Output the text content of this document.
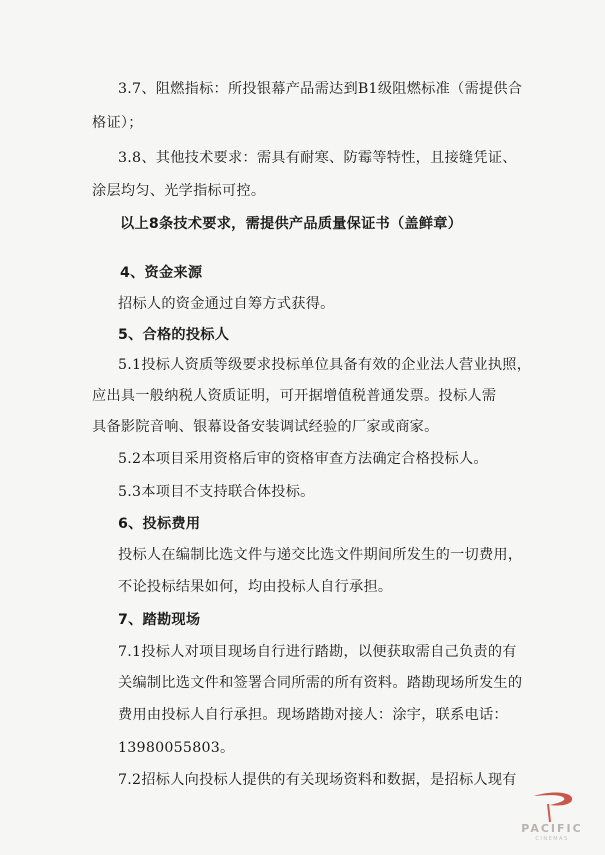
3.7、阻燃指标：所投银幕产品需达到B1级阻燃标准（需提供合
格证）；
3.8、其他技术要求：需具有耐寒、防霉等特性，且接缝凭证、
涂层均匀、光学指标可控。
以上8条技术要求，需提供产品质量保证书（盖鲜章）
4、资金来源
招标人的资金通过自筹方式获得。
5、合格的投标人
5.1投标人资质等级要求投标单位具备有效的企业法人营业执照，
应出具一般纳税人资质证明，可开据增值税普通发票。投标人需
具备影院音响、银幕设备安装调试经验的厂家或商家。
5.2本项目采用资格后审的资格审查方法确定合格投标人。
5.3本项目不支持联合体投标。
6、投标费用
投标人在编制比选文件与递交比选文件期间所发生的一切费用，
不论投标结果如何，均由投标人自行承担。
7、踏勘现场
7.1投标人对项目现场自行进行踏勘，以便获取需自己负责的有
关编制比选文件和签署合同所需的所有资料。踏勘现场所发生的
费用由投标人自行承担。现场踏勘对接人：涂宇，联系电话：
13980055803。
7.2招标人向投标人提供的有关现场资料和数据，是招标人现有
PACIFIC
CINEMAS
